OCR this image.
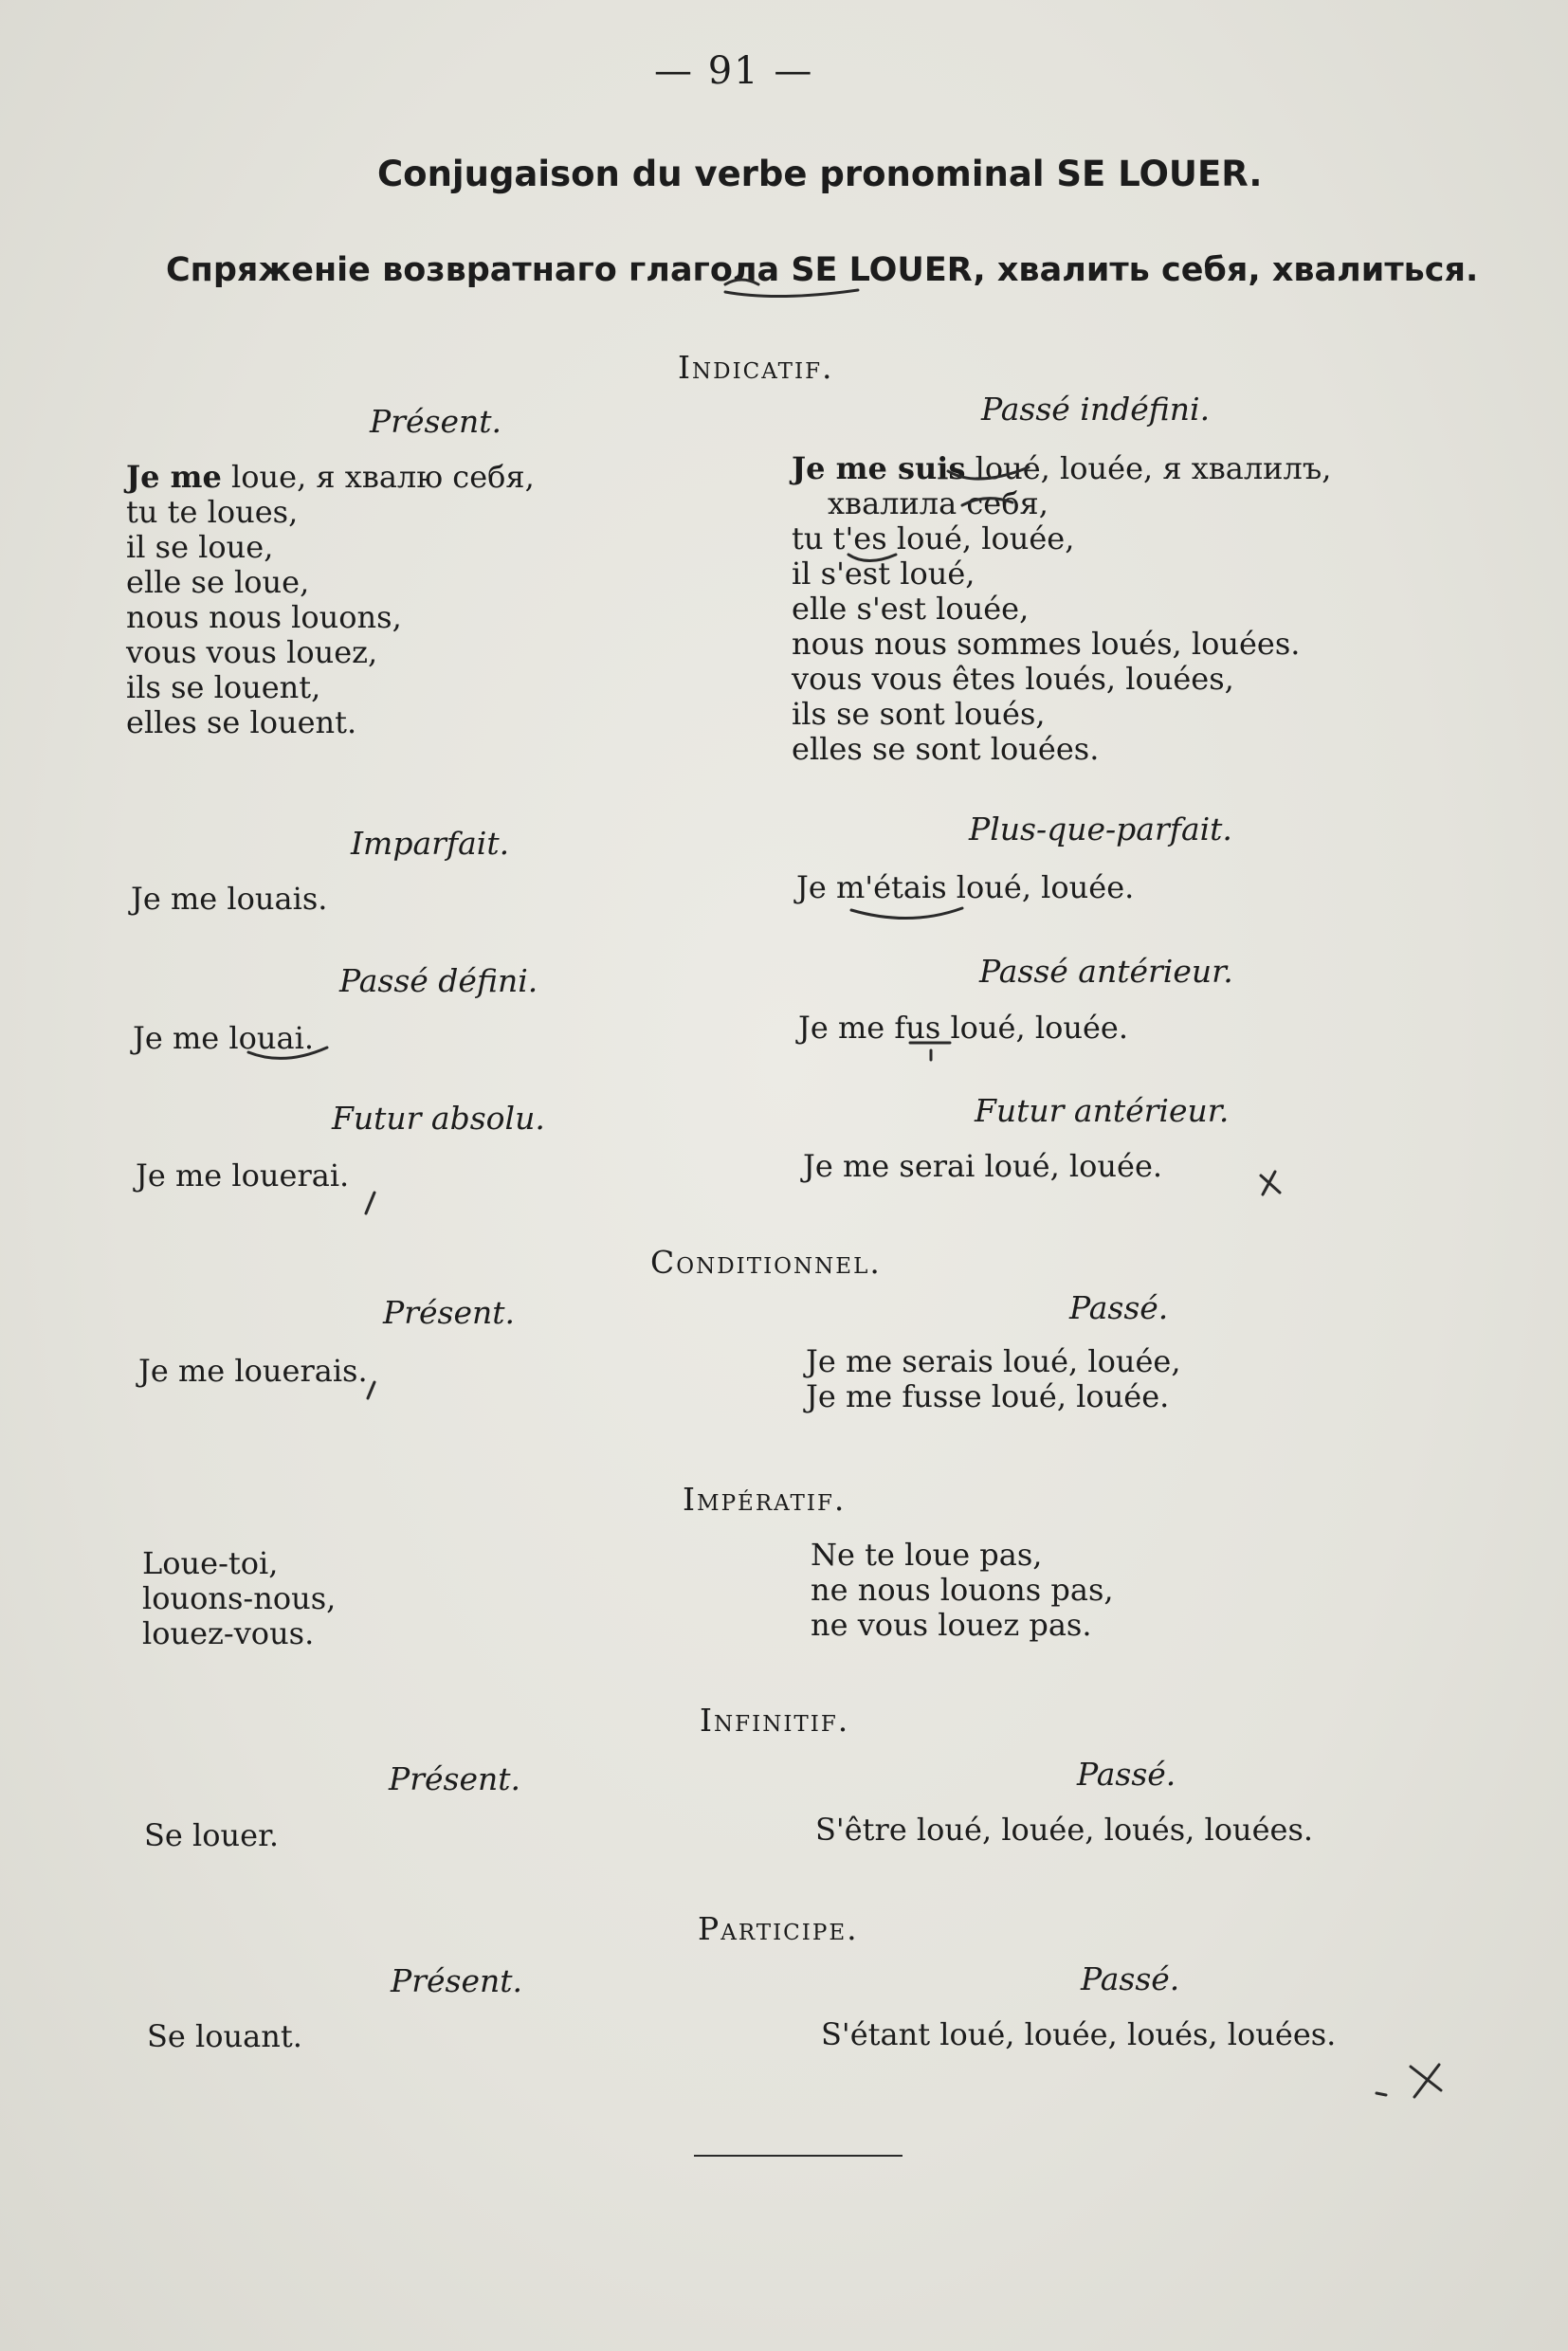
— 91 —
Conjugaison du verbe pronominal SE LOUER.
Спряженіе возвратнаго глагола SE LOUER, хвалить себя, хвалиться.
Indicatif.
Présent.
Je me loue, я хвалю себя,
tu te loues,
il se loue,
elle se loue,
nous nous louons,
vous vous louez,
ils se louent,
elles se louent.
Passé indéfini.
Je me suis loué, louée, я хвалилъ,
хвалила себя,
tu t'es loué, louée,
il s'est loué,
elle s'est louée,
nous nous sommes loués, louées.
vous vous êtes loués, louées,
ils se sont loués,
elles se sont louées.
Imparfait.
Je me louais.
Plus-que-parfait.
Je m'étais loué, louée.
Passé défini.
Je me louai.
Passé antérieur.
Je me fus loué, louée.
Futur absolu.
Je me louerai.
Futur antérieur.
Je me serai loué, louée.
Conditionnel.
Présent.
Je me louerais.
Passé.
Je me serais loué, louée,
Je me fusse loué, louée.
Impératif.
Loue-toi,
louons-nous,
louez-vous.
Ne te loue pas,
ne nous louons pas,
ne vous louez pas.
Infinitif.
Présent.
Se louer.
Passé.
S'être loué, louée, loués, louées.
Participe.
Présent.
Se louant.
Passé.
S'étant loué, louée, loués, louées.
